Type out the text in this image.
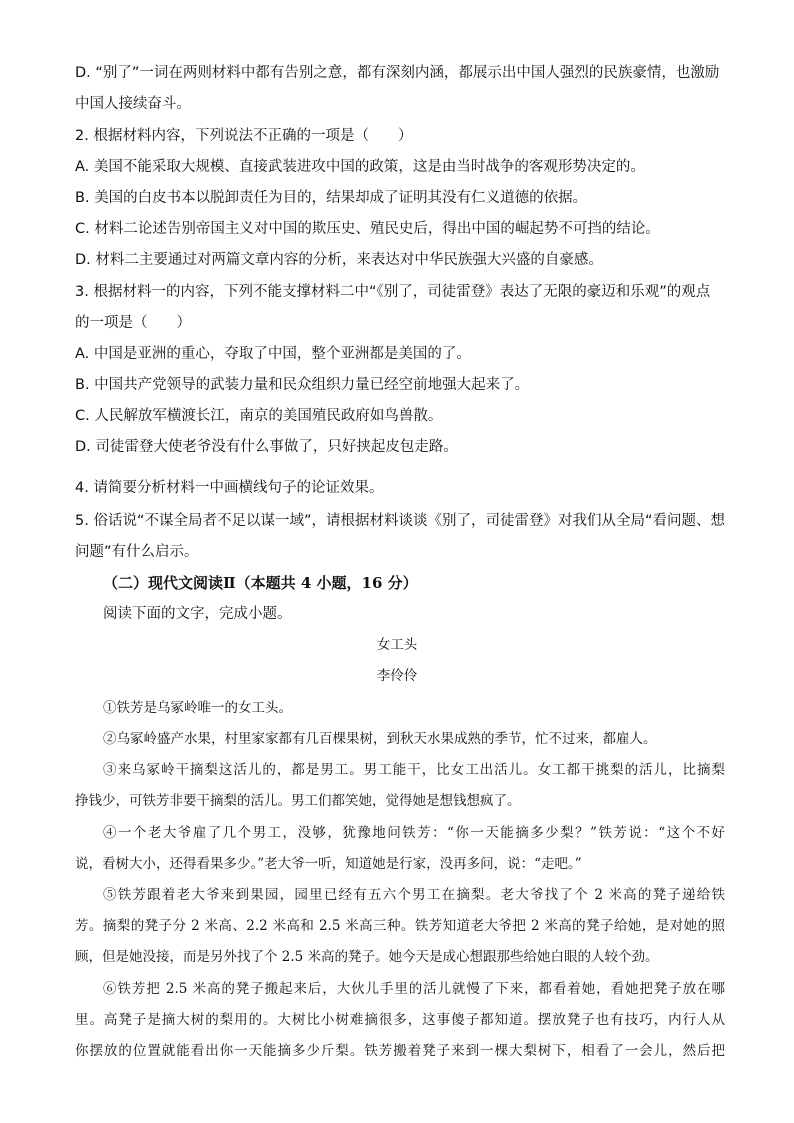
D. “别了”一词在两则材料中都有告别之意，都有深刻内涵，都展示出中国人强烈的民族豪情，也激励
中国人接续奋斗。
2. 根据材料内容，下列说法不正确的一项是（　　）
A. 美国不能采取大规模、直接武装进攻中国的政策，这是由当时战争的客观形势决定的。
B. 美国的白皮书本以脱卸责任为目的，结果却成了证明其没有仁义道德的依据。
C. 材料二论述告别帝国主义对中国的欺压史、殖民史后，得出中国的崛起势不可挡的结论。
D. 材料二主要通过对两篇文章内容的分析，来表达对中华民族强大兴盛的自豪感。
3. 根据材料一的内容，下列不能支撑材料二中“《别了，司徒雷登》表达了无限的豪迈和乐观”的观点
的一项是（　　）
A. 中国是亚洲的重心，夺取了中国，整个亚洲都是美国的了。
B. 中国共产党领导的武装力量和民众组织力量已经空前地强大起来了。
C. 人民解放军横渡长江，南京的美国殖民政府如鸟兽散。
D. 司徒雷登大使老爷没有什么事做了，只好挟起皮包走路。
4. 请简要分析材料一中画横线句子的论证效果。
5. 俗话说“不谋全局者不足以谋一域”，请根据材料谈谈《别了，司徒雷登》对我们从全局“看问题、想
问题”有什么启示。
（二）现代文阅读Ⅱ（本题共 4 小题，16 分）
阅读下面的文字，完成小题。
女工头
李伶伶
①铁芳是乌冢岭唯一的女工头。
②乌冢岭盛产水果，村里家家都有几百棵果树，到秋天水果成熟的季节，忙不过来，都雇人。
③来乌冢岭干摘梨这活儿的，都是男工。男工能干，比女工出活儿。女工都干挑梨的活儿，比摘梨
挣钱少，可铁芳非要干摘梨的活儿。男工们都笑她，觉得她是想钱想疯了。
④一个老大爷雇了几个男工，没够，犹豫地问铁芳：“你一天能摘多少梨？”铁芳说：“这个不好
说，看树大小，还得看果多少。”老大爷一听，知道她是行家，没再多问，说：“走吧。”
⑤铁芳跟着老大爷来到果园，园里已经有五六个男工在摘梨。老大爷找了个 2 米高的凳子递给铁
芳。摘梨的凳子分 2 米高、2.2 米高和 2.5 米高三种。铁芳知道老大爷把 2 米高的凳子给她，是对她的照
顾，但是她没接，而是另外找了个 2.5 米高的凳子。她今天是成心想跟那些给她白眼的人较个劲。
⑥铁芳把 2.5 米高的凳子搬起来后，大伙儿手里的活儿就慢了下来，都看着她，看她把凳子放在哪
里。高凳子是摘大树的梨用的。大树比小树难摘很多，这事傻子都知道。摆放凳子也有技巧，内行人从
你摆放的位置就能看出你一天能摘多少斤梨。铁芳搬着凳子来到一棵大梨树下，相看了一会儿，然后把
